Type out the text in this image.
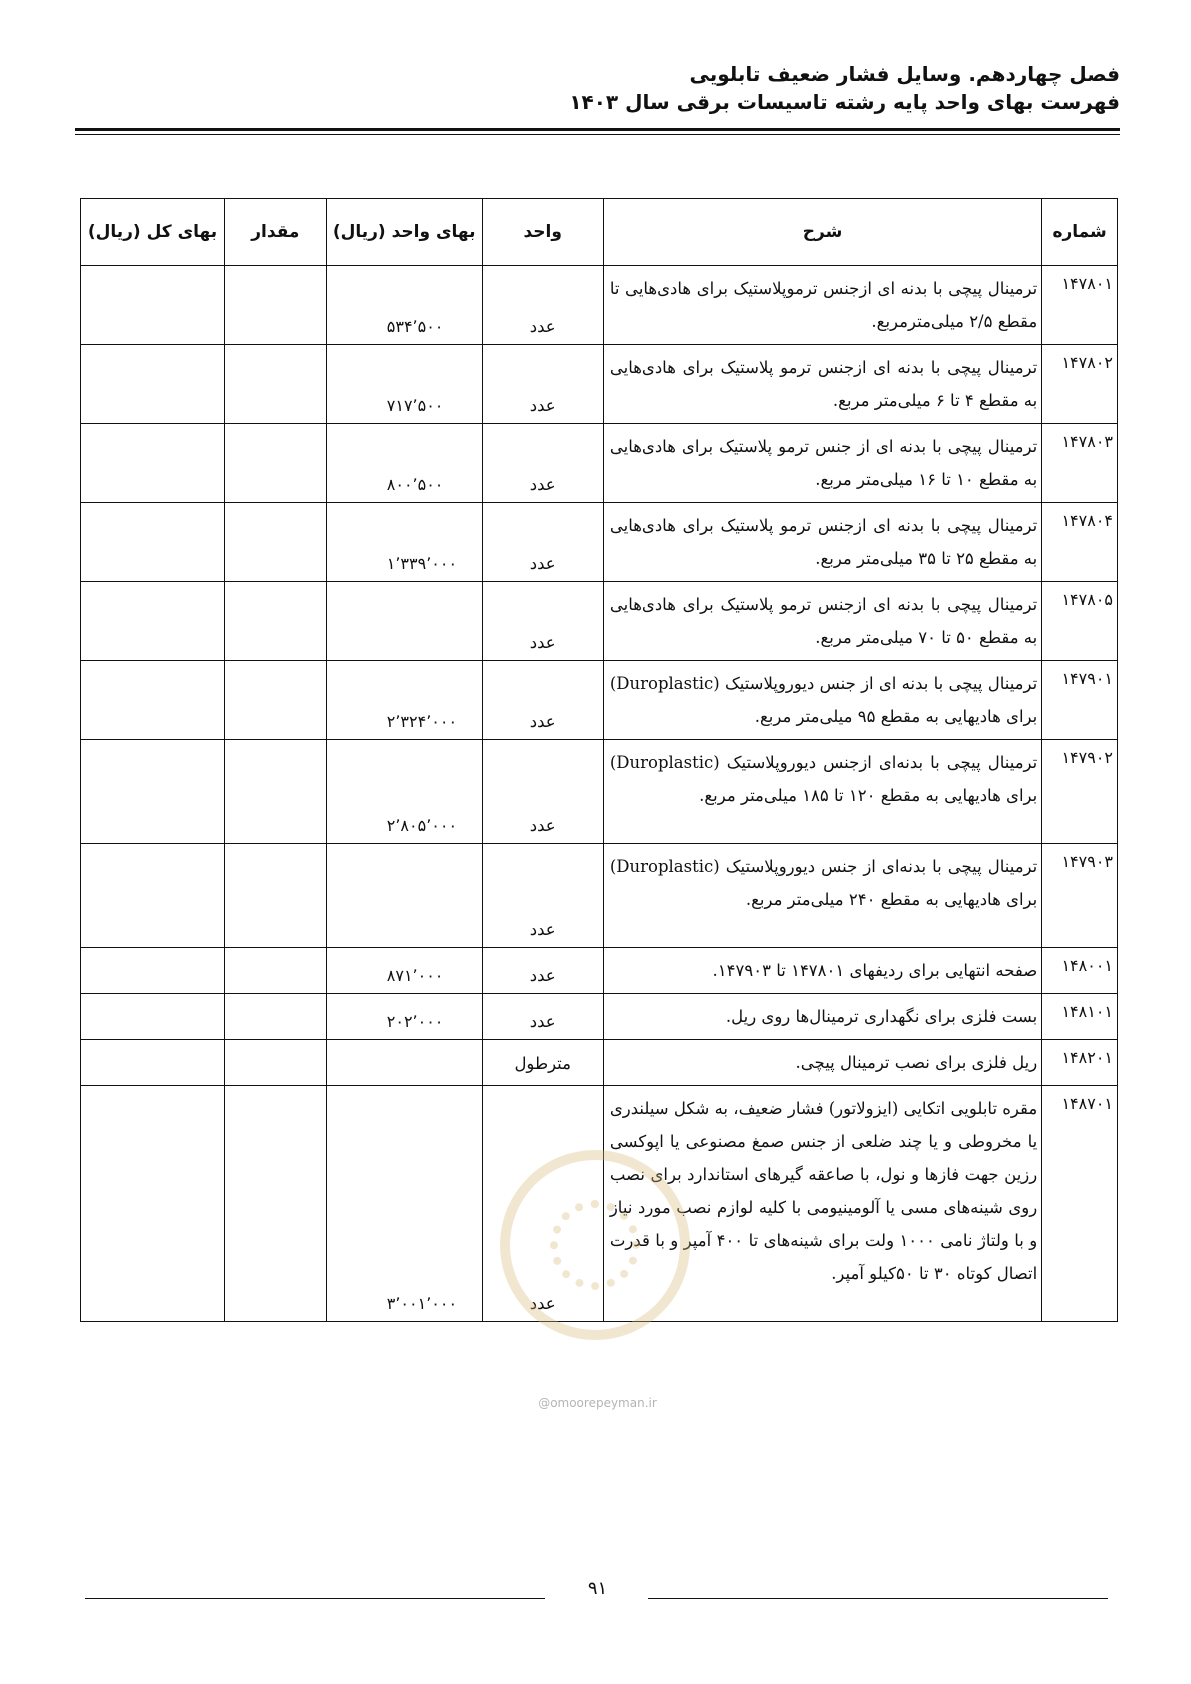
فصل چهاردهم. وسایل فشار ضعیف تابلویی
فهرست بهای واحد پایه رشته تاسیسات برقی سال ۱۴۰۳
شماره	شرح	واحد	بهای واحد (ریال)	مقدار	بهای کل (ریال)
۱۴۷۸۰۱	ترمینال پیچی با بدنه ای ازجنس ترموپلاستیک برای هادی‌هایی تا مقطع ۲/۵ میلی‌مترمربع.	عدد	۵۳۴٬۵۰۰		
۱۴۷۸۰۲	ترمینال پیچی با بدنه ای ازجنس ترمو پلاستیک برای هادی‌هایی به مقطع ۴ تا ۶ میلی‌متر مربع.	عدد	۷۱۷٬۵۰۰		
۱۴۷۸۰۳	ترمینال پیچی با بدنه ای از جنس ترمو پلاستیک برای هادی‌هایی به مقطع ۱۰ تا ۱۶ میلی‌متر مربع.	عدد	۸۰۰٬۵۰۰		
۱۴۷۸۰۴	ترمینال پیچی با بدنه ای ازجنس ترمو پلاستیک برای هادی‌هایی به مقطع ۲۵ تا ۳۵ میلی‌متر مربع.	عدد	۱٬۳۳۹٬۰۰۰		
۱۴۷۸۰۵	ترمینال پیچی با بدنه ای ازجنس ترمو پلاستیک برای هادی‌هایی به مقطع ۵۰ تا ۷۰ میلی‌متر مربع.	عدد			
۱۴۷۹۰۱	ترمینال پیچی با بدنه ای از جنس دیوروپلاستیک (Duroplastic) برای هادیهایی به مقطع ۹۵ میلی‌متر مربع.	عدد	۲٬۳۲۴٬۰۰۰		
۱۴۷۹۰۲	ترمینال پیچی با بدنه‌ای ازجنس دیوروپلاستیک (Duroplastic) برای هادیهایی به مقطع ۱۲۰ تا ۱۸۵ میلی‌متر مربع.	عدد	۲٬۸۰۵٬۰۰۰		
۱۴۷۹۰۳	ترمینال پیچی با بدنه‌ای از جنس دیوروپلاستیک (Duroplastic) برای هادیهایی به مقطع ۲۴۰ میلی‌متر مربع.	عدد			
۱۴۸۰۰۱	صفحه انتهایی برای ردیفهای ۱۴۷۸۰۱ تا ۱۴۷۹۰۳.	عدد	۸۷۱٬۰۰۰		
۱۴۸۱۰۱	بست فلزی برای نگهداری ترمینال‌ها روی ریل.	عدد	۲۰۲٬۰۰۰		
۱۴۸۲۰۱	ریل فلزی برای نصب ترمینال پیچی.	مترطول			
۱۴۸۷۰۱	مقره تابلویی اتکایی (ایزولاتور) فشار ضعیف، به شکل سیلندری یا مخروطی و یا چند ضلعی از جنس صمغ مصنوعی یا اپوکسی رزین جهت فازها و نول، با صاعقه گیرهای استاندارد برای نصب روی شینه‌های مسی یا آلومینیومی با کلیه لوازم نصب مورد نیاز و با ولتاژ نامی ۱۰۰۰ ولت برای شینه‌های تا ۴۰۰ آمپر و با قدرت اتصال کوتاه ۳۰ تا ۵۰کیلو آمپر.	عدد	۳٬۰۰۱٬۰۰۰		
@omoorepeyman.ir
۹۱
